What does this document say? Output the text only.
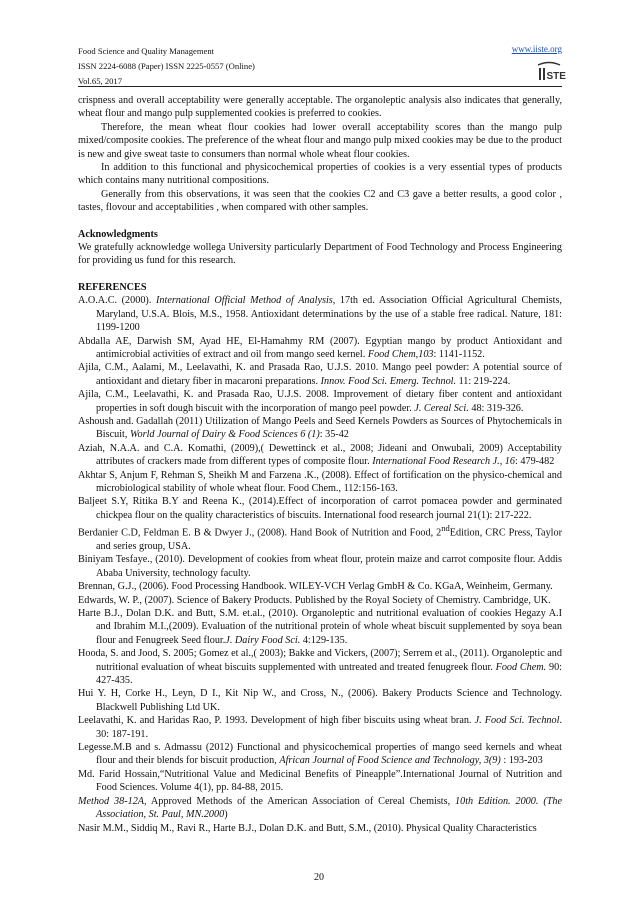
Food Science and Quality Management
ISSN 2224-6088 (Paper) ISSN 2225-0557 (Online)
Vol.65, 2017
www.iiste.org
STE

crispness and overall acceptability were generally acceptable. The organoleptic analysis also indicates that generally, wheat flour and mango pulp supplemented cookies is preferred to cookies.

Therefore, the mean wheat flour cookies had lower overall acceptability scores than the mango pulp mixed/composite cookies. The preference of the wheat flour and mango pulp mixed cookies may be due to the product is new and give sweat taste to consumers than normal whole wheat flour cookies.

In addition to this functional and physicochemical properties of cookies is a very essential types of products which contains many nutritional compositions.

Generally from this observations, it was seen that the cookies C2 and C3 gave a better results, a good color , tastes, flovour and acceptabilities , when compared with other samples.

Acknowledgments

We gratefully acknowledge wollega University particularly Department of Food Technology and Process Engineering for providing us fund for this research.

REFERENCES

A.O.A.C. (2000). International Official Method of Analysis, 17th ed. Association Official Agricultural Chemists, Maryland, U.S.A. Blois, M.S., 1958. Antioxidant determinations by the use of a stable free radical. Nature, 181: 1199-1200

Abdalla AE, Darwish SM, Ayad HE, El-Hamahmy RM (2007). Egyptian mango by product Antioxidant and antimicrobial activities of extract and oil from mango seed kernel. Food Chem,103: 1141-1152.

Ajila, C.M., Aalami, M., Leelavathi, K. and Prasada Rao, U.J.S. 2010. Mango peel powder: A potential source of antioxidant and dietary fiber in macaroni preparations. Innov. Food Sci. Emerg. Technol. 11: 219-224.

Ajila, C.M., Leelavathi, K. and Prasada Rao, U.J.S. 2008. Improvement of dietary fiber content and antioxidant properties in soft dough biscuit with the incorporation of mango peel powder. J. Cereal Sci. 48: 319-326.

Ashoush and. Gadallah (2011) Utilization of Mango Peels and Seed Kernels Powders as Sources of Phytochemicals in Biscuit, World Journal of Dairy & Food Sciences 6 (1): 35-42

Aziah, N.A.A. and C.A. Komathi, (2009),( Dewettinck et al., 2008; Jideani and Onwubali, 2009) Acceptability attributes of crackers made from different types of composite flour. International Food Research J., 16: 479-482

Akhtar S, Anjum F, Rehman S, Sheikh M and Farzena .K., (2008). Effect of fortification on the physico-chemical and microbiological stability of whole wheat flour. Food Chem., 112:156-163.

Baljeet S.Y, Ritika B.Y and Reena K., (2014).Effect of incorporation of carrot pomacea powder and germinated chickpea flour on the quality characteristics of biscuits. International food research journal 21(1): 217-222.

Berdanier C.D, Feldman E. B & Dwyer J., (2008). Hand Book of Nutrition and Food, 2ndEdition, CRC Press, Taylor and series group, USA.

Biniyam Tesfaye., (2010). Development of cookies from wheat flour, protein maize and carrot composite flour. Addis Ababa University, technology faculty.

Brennan, G.J., (2006). Food Processing Handbook. WILEY-VCH Verlag GmbH & Co. KGaA, Weinheim, Germany.

Edwards, W. P., (2007). Science of Bakery Products. Published by the Royal Society of Chemistry. Cambridge, UK.

Harte B.J., Dolan D.K. and Butt, S.M. et.al., (2010). Organoleptic and nutritional evaluation of cookies Hegazy A.I and Ibrahim M.I.,(2009). Evaluation of the nutritional protein of whole wheat biscuit supplemented by soya bean flour and Fenugreek Seed flour.J. Dairy Food Sci. 4:129-135.

Hooda, S. and Jood, S. 2005; Gomez et al.,( 2003); Bakke and Vickers, (2007); Serrem et al., (2011). Organoleptic and nutritional evaluation of wheat biscuits supplemented with untreated and treated fenugreek flour. Food Chem. 90: 427-435.

Hui Y. H, Corke H., Leyn, D I., Kit Nip W., and Cross, N., (2006). Bakery Products Science and Technology. Blackwell Publishing Ltd UK.

Leelavathi, K. and Haridas Rao, P. 1993. Development of high fiber biscuits using wheat bran. J. Food Sci. Technol. 30: 187-191.

Legesse.M.B and s. Admassu (2012) Functional and physicochemical properties of mango seed kernels and wheat flour and their blends for biscuit production, African Journal of Food Science and Technology, 3(9) : 193-203

Md. Farid Hossain,“Nutritional Value and Medicinal Benefits of Pineapple”.International Journal of Nutrition and Food Sciences. Volume 4(1), pp. 84-88, 2015.

Method 38-12A, Approved Methods of the American Association of Cereal Chemists, 10th Edition. 2000. (The Association, St. Paul, MN.2000)

Nasir M.M., Siddiq M., Ravi R., Harte B.J., Dolan D.K. and Butt, S.M., (2010). Physical Quality Characteristics

20
